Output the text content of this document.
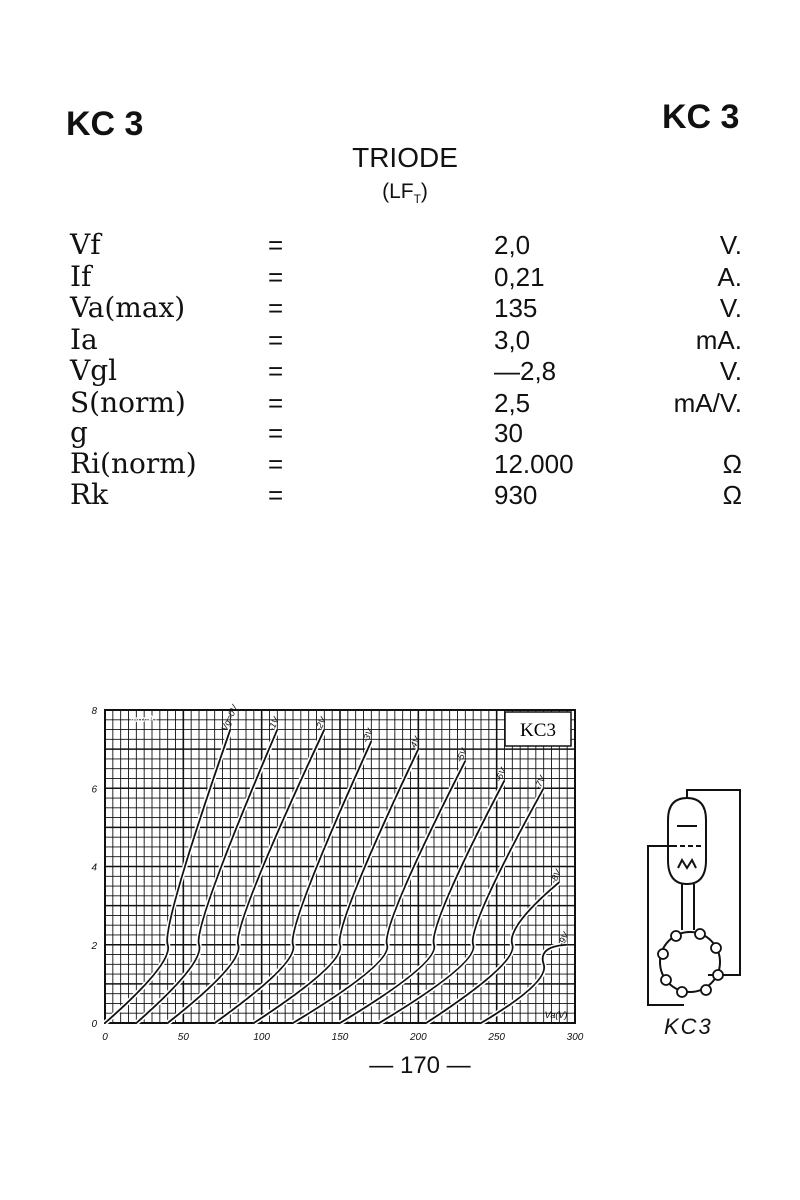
KC 3	KC 3
TRIODE
$(LF_T)$
Vf	=	2,0	V.
If	=	0,21	A.
Va(max)	=	135	V.
Ia	=	3,0	mA.
Vgl	=	—2,8	V.
S(norm)	=	2,5	mA/V.
g	=	30
Ri(norm)	=	12.000	Ω
Rk	=	930	Ω
Vg=0V	-1V	-2V
-3V	-4V
-5V
-6V	-7V
-8V
-9V
0	50	100	150	200	250	300
0
2
4
6
8
KC3
Va(V)
Ia(mA)
KC3
— 170 —
